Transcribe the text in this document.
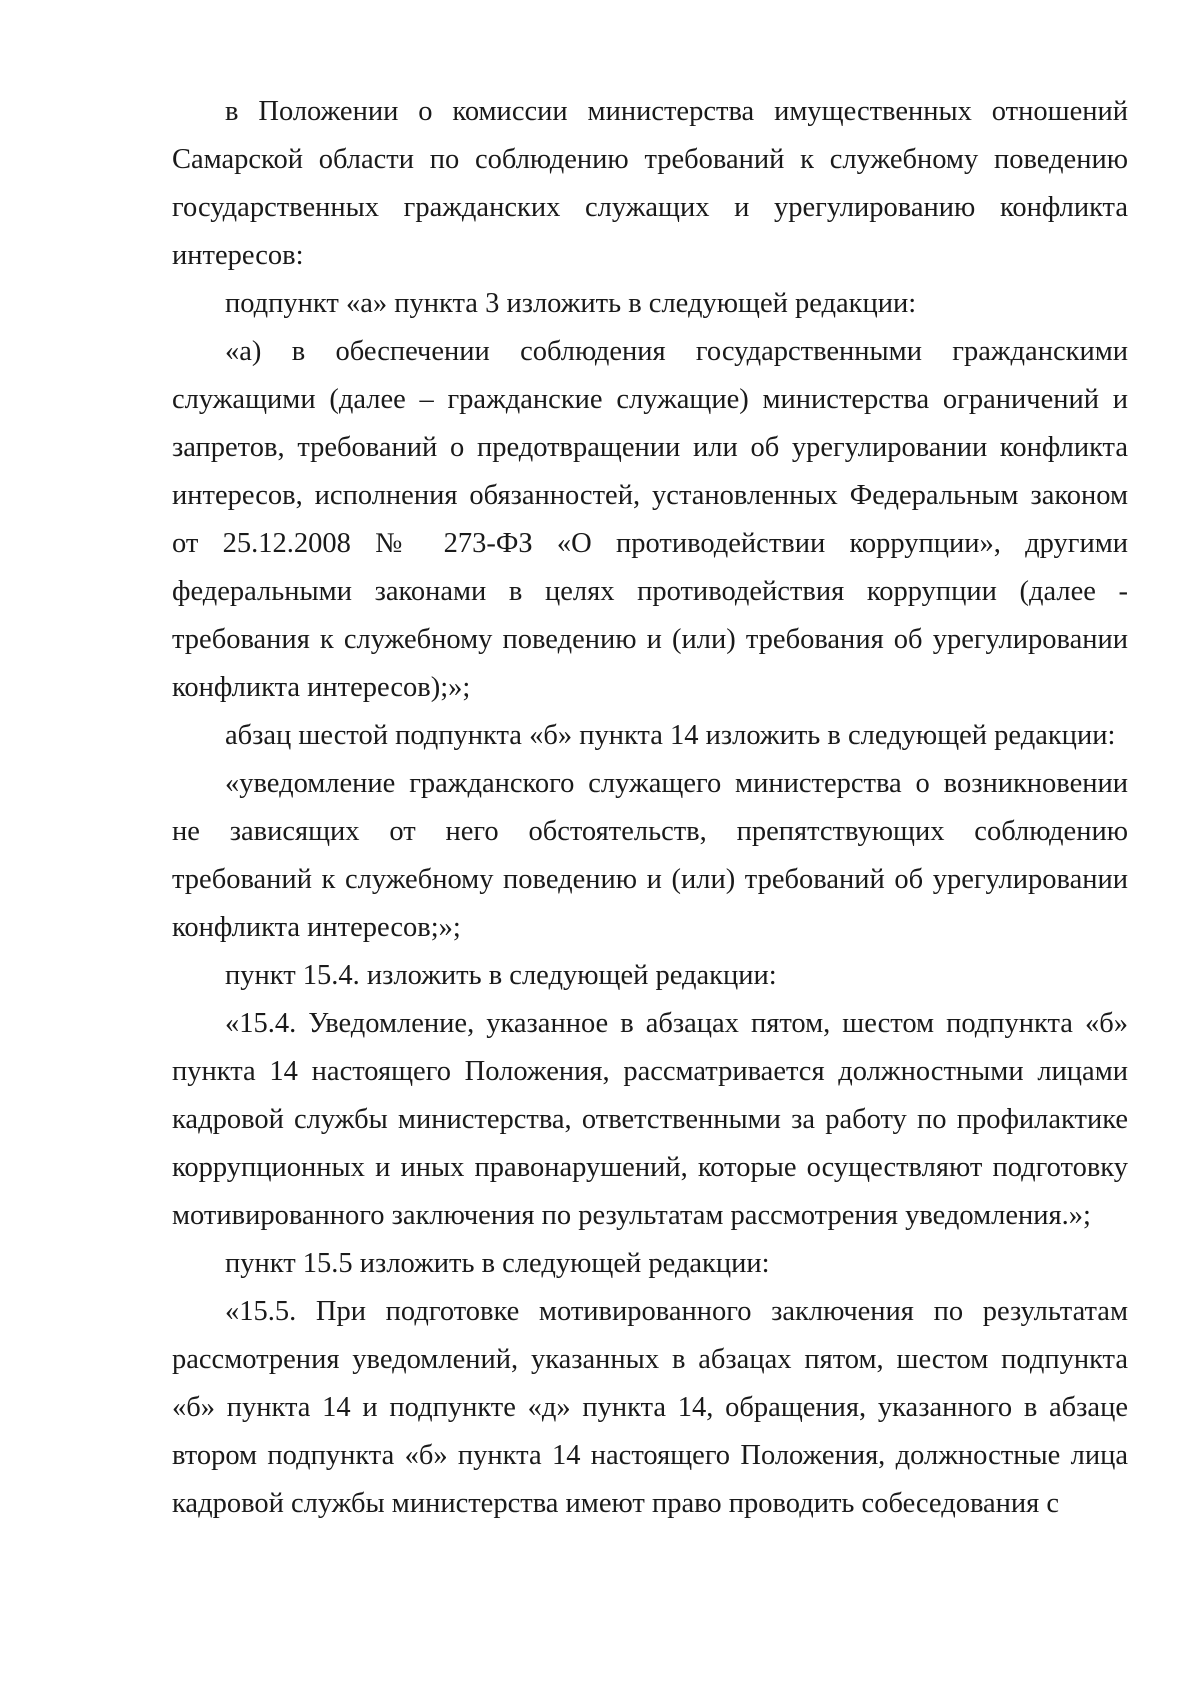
в Положении о комиссии министерства имущественных отношений Самарской области по соблюдению требований к служебному поведению государственных гражданских служащих и урегулированию конфликта интересов:

подпункт «а» пункта 3 изложить в следующей редакции:

«а) в обеспечении соблюдения государственными гражданскими служащими (далее – гражданские служащие) министерства ограничений и запретов, требований о предотвращении или об урегулировании конфликта интересов, исполнения обязанностей, установленных Федеральным законом от 25.12.2008 № 273-ФЗ «О противодействии коррупции», другими федеральными законами в целях противодействия коррупции (далее - требования к служебному поведению и (или) требования об урегулировании конфликта интересов);»;

абзац шестой подпункта «б» пункта 14 изложить в следующей редакции:

«уведомление гражданского служащего министерства о возникновении не зависящих от него обстоятельств, препятствующих соблюдению требований к служебному поведению и (или) требований об урегулировании конфликта интересов;»;

пункт 15.4. изложить в следующей редакции:

«15.4. Уведомление, указанное в абзацах пятом, шестом подпункта «б» пункта 14 настоящего Положения, рассматривается должностными лицами кадровой службы министерства, ответственными за работу по профилактике коррупционных и иных правонарушений, которые осуществляют подготовку мотивированного заключения по результатам рассмотрения уведомления.»;

пункт 15.5 изложить в следующей редакции:

«15.5. При подготовке мотивированного заключения по результатам рассмотрения уведомлений, указанных в абзацах пятом, шестом подпункта «б» пункта 14 и подпункте «д» пункта 14, обращения, указанного в абзаце втором подпункта «б» пункта 14 настоящего Положения, должностные лица кадровой службы министерства имеют право проводить собеседования с
